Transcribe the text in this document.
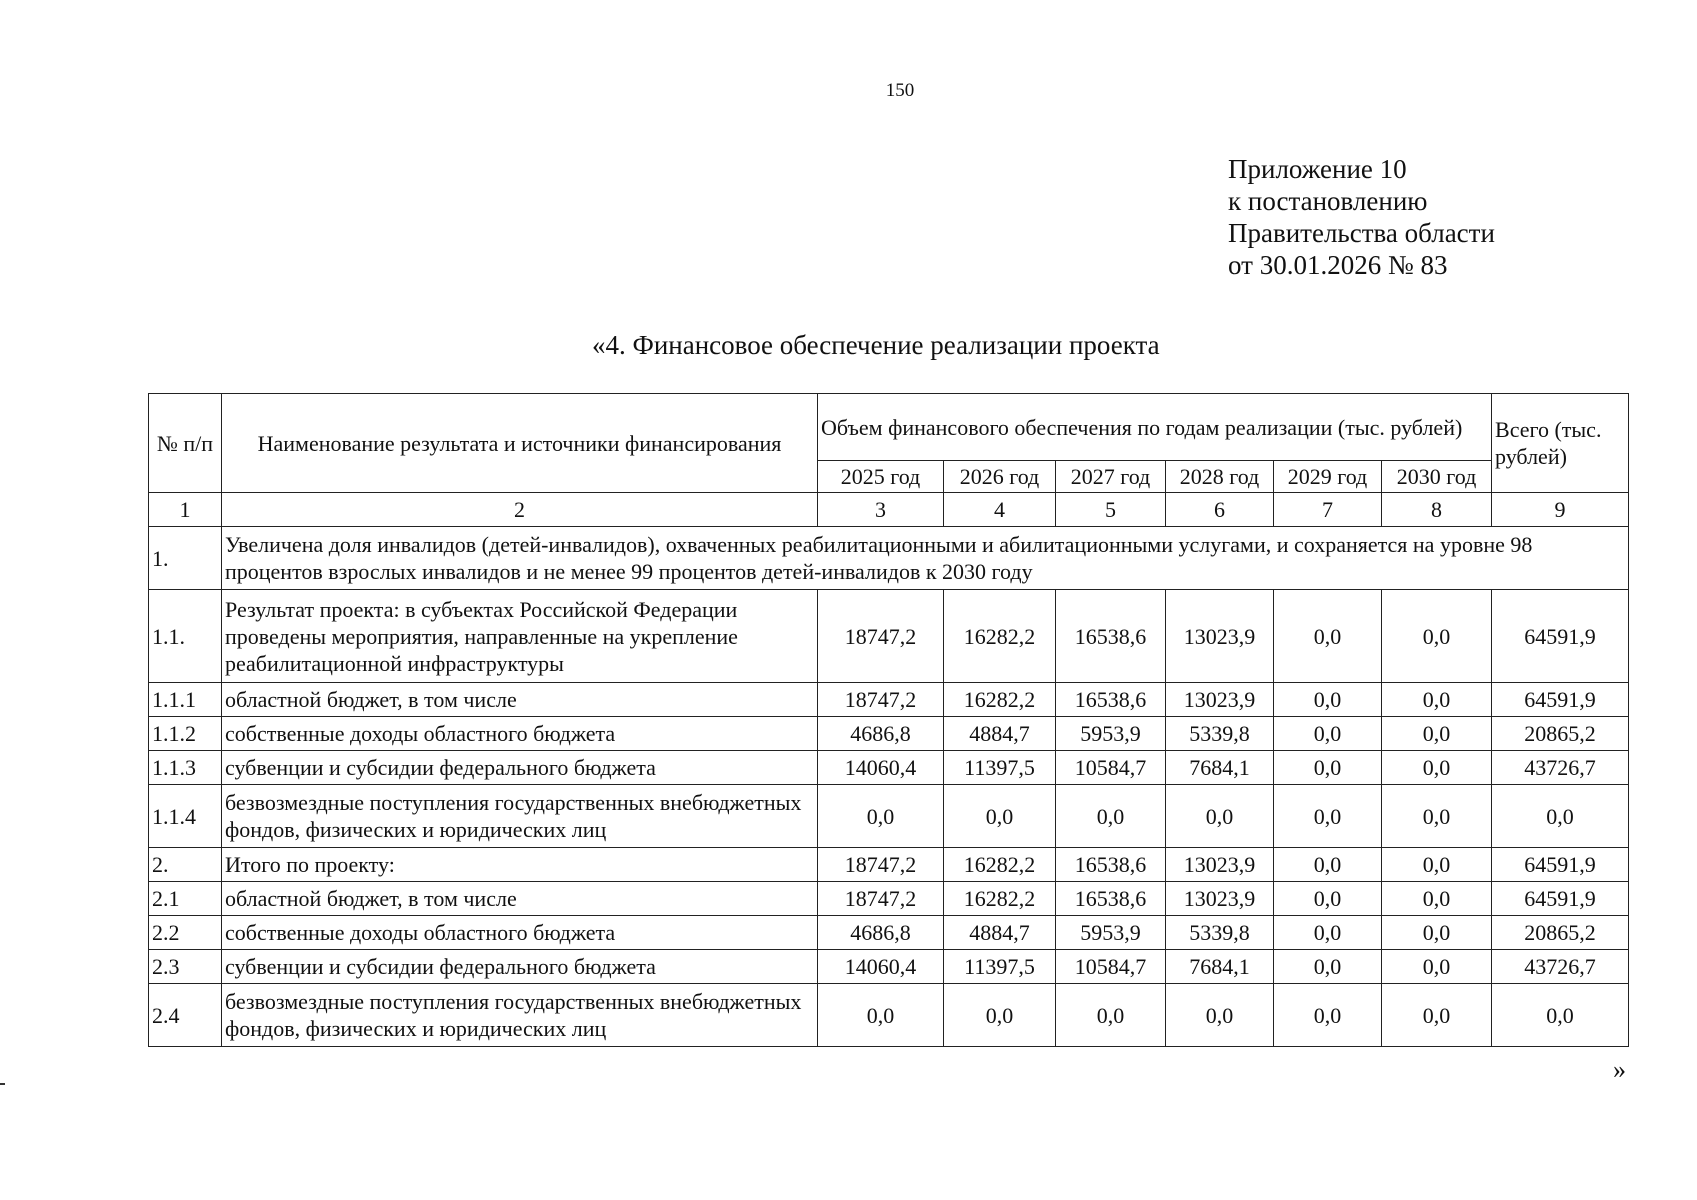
150
Приложение 10
к постановлению
Правительства области
от 30.01.2026 № 83
«4. Финансовое обеспечение реализации проекта
№ п/п	Наименование результата и источники финансирования	Объем финансового обеспечения по годам реализации (тыс. рублей)						Всего (тыс. рублей)
		2025 год	2026 год	2027 год	2028 год	2029 год	2030 год	
1	2	3	4	5	6	7	8	9
1.	Увеличена доля инвалидов (детей-инвалидов), охваченных реабилитационными и абилитационными услугами, и сохраняется на уровне 98 процентов взрослых инвалидов и не менее 99 процентов детей-инвалидов к 2030 году							
1.1.	Результат проекта: в субъектах Российской Федерации проведены мероприятия, направленные на укрепление реабилитационной инфраструктуры	18747,2	16282,2	16538,6	13023,9	0,0	0,0	64591,9
1.1.1	областной бюджет, в том числе	18747,2	16282,2	16538,6	13023,9	0,0	0,0	64591,9
1.1.2	собственные доходы областного бюджета	4686,8	4884,7	5953,9	5339,8	0,0	0,0	20865,2
1.1.3	субвенции и субсидии федерального бюджета	14060,4	11397,5	10584,7	7684,1	0,0	0,0	43726,7
1.1.4	безвозмездные поступления государственных внебюджетных фондов, физических и юридических лиц	0,0	0,0	0,0	0,0	0,0	0,0	0,0
2.	Итого по проекту:	18747,2	16282,2	16538,6	13023,9	0,0	0,0	64591,9
2.1	областной бюджет, в том числе	18747,2	16282,2	16538,6	13023,9	0,0	0,0	64591,9
2.2	собственные доходы областного бюджета	4686,8	4884,7	5953,9	5339,8	0,0	0,0	20865,2
2.3	субвенции и субсидии федерального бюджета	14060,4	11397,5	10584,7	7684,1	0,0	0,0	43726,7
2.4	безвозмездные поступления государственных внебюджетных фондов, физических и юридических лиц	0,0	0,0	0,0	0,0	0,0	0,0	0,0
»
